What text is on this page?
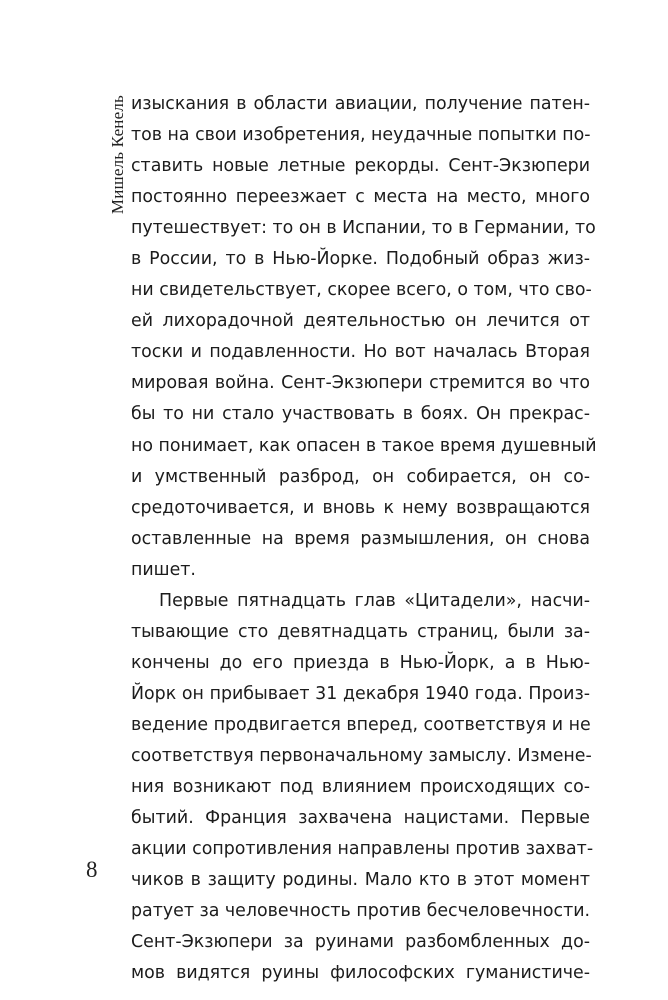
Мишель Кенель изыскания в области авиации, получение патен-
тов на свои изобретения, неудачные попытки по-
ставить новые летные рекорды. Сент-Экзюпери
постоянно переезжает с места на место, много
путешествует: то он в Испании, то в Германии, то
в России, то в Нью-Йорке. Подобный образ жиз-
ни свидетельствует, скорее всего, о том, что сво-
ей лихорадочной деятельностью он лечится от
тоски и подавленности. Но вот началась Вторая
мировая война. Сент-Экзюпери стремится во что
бы то ни стало участвовать в боях. Он прекрас-
но понимает, как опасен в такое время душевный
и умственный разброд, он собирается, он со-
средоточивается, и вновь к нему возвращаются
оставленные на время размышления, он снова
пишет.
Первые пятнадцать глав «Цитадели», насчи-
тывающие сто девятнадцать страниц, были за-
кончены до его приезда в Нью-Йорк, а в Нью-
Йорк он прибывает 31 декабря 1940 года. Произ-
ведение продвигается вперед, соответствуя и не
соответствуя первоначальному замыслу. Измене-
ния возникают под влиянием происходящих со-
бытий. Франция захвачена нацистами. Первые
акции сопротивления направлены против захват-
чиков в защиту родины. Мало кто в этот момент
ратует за человечность против бесчеловечности.
Сент-Экзюпери за руинами разбомбленных до-
мов видятся руины философских гуманистиче-
8
